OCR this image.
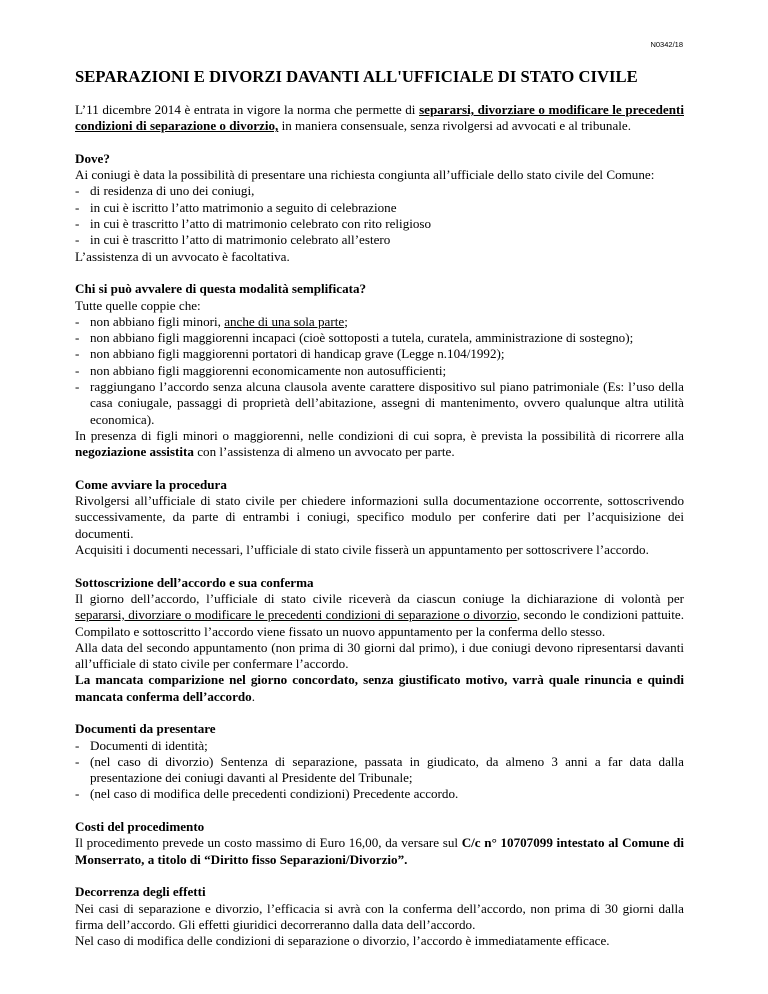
N0342/18
SEPARAZIONI E DIVORZI DAVANTI ALL'UFFICIALE DI STATO CIVILE

L’11 dicembre 2014 è entrata in vigore la norma che permette di separarsi, divorziare o modificare le precedenti condizioni di separazione o divorzio, in maniera consensuale, senza rivolgersi ad avvocati e al tribunale.

Dove?

Ai coniugi è data la possibilità di presentare una richiesta congiunta all’ufficiale dello stato civile del Comune:

- di residenza di uno dei coniugi,
- in cui è iscritto l’atto matrimonio a seguito di celebrazione
- in cui è trascritto l’atto di matrimonio celebrato con rito religioso
- in cui è trascritto l’atto di matrimonio celebrato all’estero

L’assistenza di un avvocato è facoltativa.

Chi si può avvalere di questa modalità semplificata?

Tutte quelle coppie che:

- non abbiano figli minori, anche di una sola parte;
- non abbiano figli maggiorenni incapaci (cioè sottoposti a tutela, curatela, amministrazione di sostegno);
- non abbiano figli maggiorenni portatori di handicap grave (Legge n.104/1992);
- non abbiano figli maggiorenni economicamente non autosufficienti;
- raggiungano l’accordo senza alcuna clausola avente carattere dispositivo sul piano patrimoniale (Es: l’uso della casa coniugale, passaggi di proprietà dell’abitazione, assegni di mantenimento, ovvero qualunque altra utilità economica).

In presenza di figli minori o maggiorenni, nelle condizioni di cui sopra, è prevista la possibilità di ricorrere alla negoziazione assistita con l’assistenza di almeno un avvocato per parte.

Come avviare la procedura

Rivolgersi all’ufficiale di stato civile per chiedere informazioni sulla documentazione occorrente, sottoscrivendo successivamente, da parte di entrambi i coniugi, specifico modulo per conferire dati per l’acquisizione dei documenti.

Acquisiti i documenti necessari, l’ufficiale di stato civile fisserà un appuntamento per sottoscrivere l’accordo.

Sottoscrizione dell’accordo e sua conferma

Il giorno dell’accordo, l’ufficiale di stato civile riceverà da ciascun coniuge la dichiarazione di volontà per separarsi, divorziare o modificare le precedenti condizioni di separazione o divorzio, secondo le condizioni pattuite. Compilato e sottoscritto l’accordo viene fissato un nuovo appuntamento per la conferma dello stesso.

Alla data del secondo appuntamento (non prima di 30 giorni dal primo), i due coniugi devono ripresentarsi davanti all’ufficiale di stato civile per confermare l’accordo.

La mancata comparizione nel giorno concordato, senza giustificato motivo, varrà quale rinuncia e quindi mancata conferma dell’accordo.

Documenti da presentare

- Documenti di identità;
- (nel caso di divorzio) Sentenza di separazione, passata in giudicato, da almeno 3 anni a far data dalla presentazione dei coniugi davanti al Presidente del Tribunale;
- (nel caso di modifica delle precedenti condizioni) Precedente accordo.

Costi del procedimento

Il procedimento prevede un costo massimo di Euro 16,00, da versare sul C/c n° 10707099 intestato al Comune di Monserrato, a titolo di “Diritto fisso Separazioni/Divorzio”.

Decorrenza degli effetti

Nei casi di separazione e divorzio, l’efficacia si avrà con la conferma dell’accordo, non prima di 30 giorni dalla firma dell’accordo. Gli effetti giuridici decorreranno dalla data dell’accordo.

Nel caso di modifica delle condizioni di separazione o divorzio, l’accordo è immediatamente efficace.
